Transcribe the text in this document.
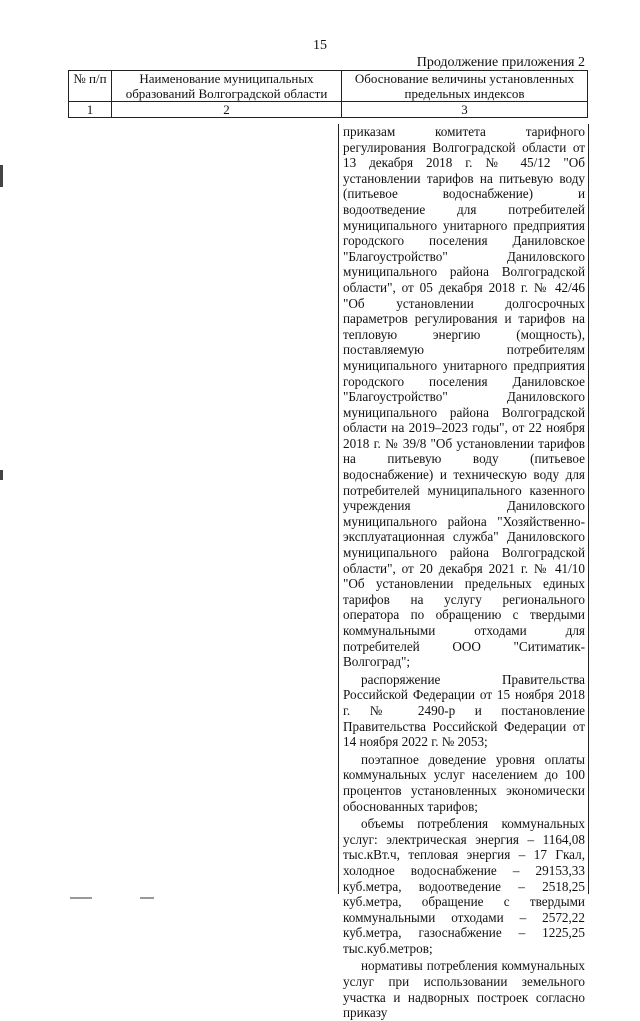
15
Продолжение приложения 2
№ п/п	Наименование муниципальных образований Волгоградской области	Обоснование величины установленных предельных индексов
1	2	3

приказам комитета тарифного регулирования Волгоградской области от 13 декабря 2018 г. № 45/12 "Об установлении тарифов на питьевую воду (питьевое водоснабжение) и водоотведение для потребителей муниципального унитарного предприятия городского поселения Даниловское "Благоустройство" Даниловского муниципального района Волгоградской области", от 05 декабря 2018 г. № 42/46 "Об установлении долгосрочных параметров регулирования и тарифов на тепловую энергию (мощность), поставляемую потребителям муниципального унитарного предприятия городского поселения Даниловское "Благоустройство" Даниловского муниципального района Волгоградской области на 2019–2023 годы", от 22 ноября 2018 г. № 39/8 "Об установлении тарифов на питьевую воду (питьевое водоснабжение) и техническую воду для потребителей муниципального казенного учреждения Даниловского муниципального района "Хозяйственно-эксплуатационная служба" Даниловского муниципального района Волгоградской области", от 20 декабря 2021 г. № 41/10 "Об установлении предельных единых тарифов на услугу регионального оператора по обращению с твердыми коммунальными отходами для потребителей ООО "Ситиматик-Волгоград";

распоряжение Правительства Российской Федерации от 15 ноября 2018 г. № 2490-р и постановление Правительства Российской Федерации от 14 ноября 2022 г. № 2053;

поэтапное доведение уровня оплаты коммунальных услуг населением до 100 процентов установленных экономически обоснованных тарифов;

объемы потребления коммунальных услуг: электрическая энергия – 1164,08 тыс.кВт.ч, тепловая энергия – 17 Гкал, холодное водоснабжение – 29153,33 куб.метра, водоотведение – 2518,25 куб.метра, обращение с твердыми коммунальными отходами – 2572,22 куб.метра, газоснабжение – 1225,25 тыс.куб.метров;

нормативы потребления коммунальных услуг при использовании земельного участка и надворных построек согласно приказу
